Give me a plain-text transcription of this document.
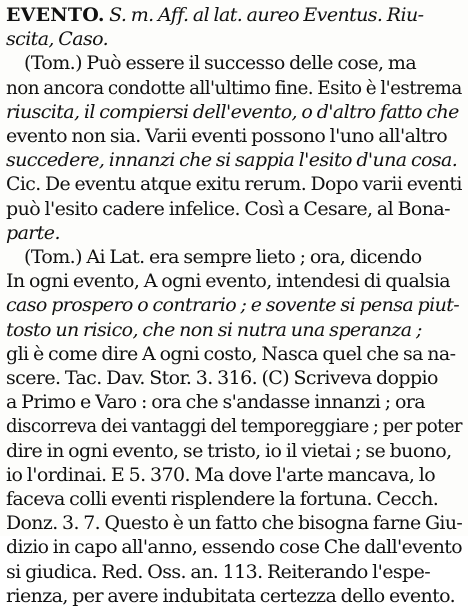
EVENTO. S. m. Aff. al lat. aureo Eventus. Riu-
scita, Caso.
(Tom.) Può essere il successo delle cose, ma
non ancora condotte all'ultimo fine. Esito è l'estrema
riuscita, il compiersi dell'evento, o d'altro fatto che
evento non sia. Varii eventi possono l'uno all'altro
succedere, innanzi che si sappia l'esito d'una cosa.
Cic. De eventu atque exitu rerum. Dopo varii eventi
può l'esito cadere infelice. Così a Cesare, al Bona-
parte.
(Tom.) Ai Lat. era sempre lieto ; ora, dicendo
In ogni evento, A ogni evento, intendesi di qualsia
caso prospero o contrario ; e sovente si pensa piut-
tosto un risico, che non si nutra una speranza ;
gli è come dire A ogni costo, Nasca quel che sa na-
scere. Tac. Dav. Stor. 3. 316. (C) Scriveva doppio
a Primo e Varo : ora che s'andasse innanzi ; ora
discorreva dei vantaggi del temporeggiare ; per poter
dire in ogni evento, se tristo, io il vietai ; se buono,
io l'ordinai. E 5. 370. Ma dove l'arte mancava, lo
faceva colli eventi risplendere la fortuna. Cecch.
Donz. 3. 7. Questo è un fatto che bisogna farne Giu-
dizio in capo all'anno, essendo cose Che dall'evento
si giudica. Red. Oss. an. 113. Reiterando l'espe-
rienza, per avere indubitata certezza dello evento.
